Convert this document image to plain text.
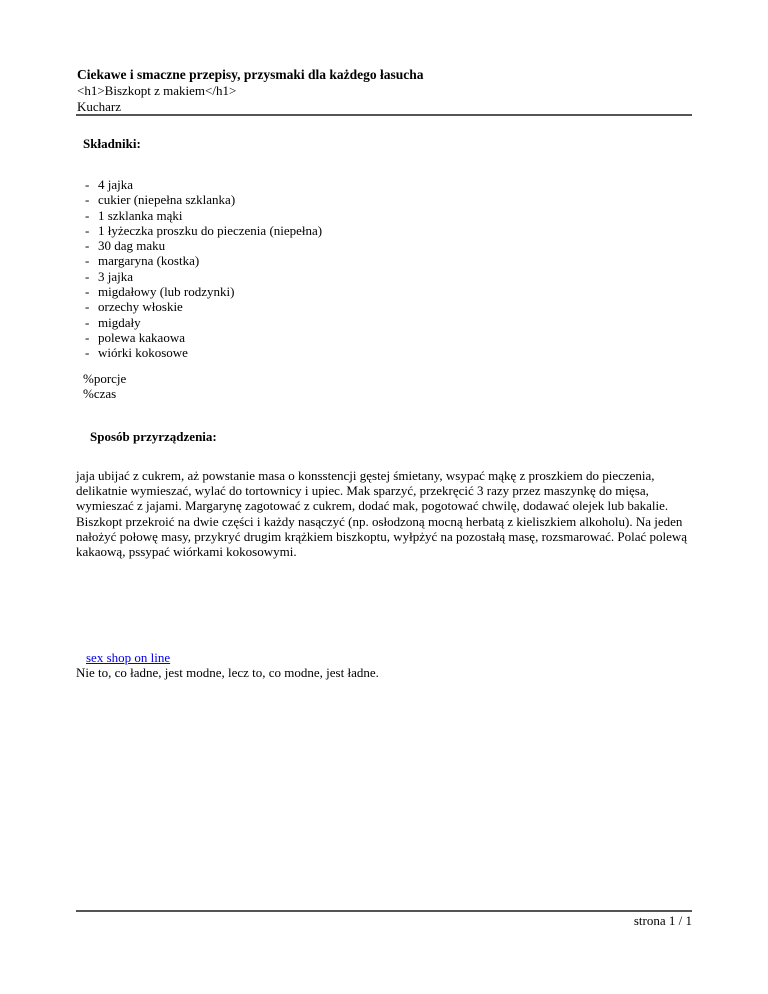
Ciekawe i smaczne przepisy, przysmaki dla każdego łasucha
<h1>Biszkopt z makiem</h1>
Kucharz
Składniki:
- 4 jajka
- cukier (niepełna szklanka)
- 1 szklanka mąki
- 1 łyżeczka proszku do pieczenia (niepełna)
- 30 dag maku
- margaryna (kostka)
- 3 jajka
- migdałowy (lub rodzynki)
- orzechy włoskie
- migdały
- polewa kakaowa
- wiórki kokosowe
%porcje
%czas
Sposób przyrządzenia:
jaja ubijać z cukrem, aż powstanie masa o konsstencji gęstej śmietany, wsypać mąkę z proszkiem do pieczenia, delikatnie wymieszać, wylać do tortownicy i upiec. Mak sparzyć, przekręcić 3 razy przez maszynkę do mięsa, wymieszać z jajami. Margarynę zagotować z cukrem, dodać mak, pogotować chwilę, dodawać olejek lub bakalie. Biszkopt przekroić na dwie części i każdy nasączyć (np. osłodzoną mocną herbatą z kieliszkiem alkoholu). Na jeden nałożyć połowę masy, przykryć drugim krążkiem biszkoptu, wyłpżyć na pozostałą masę, rozsmarować. Polać polewą kakaową, pssypać wiórkami kokosowymi.
sex shop on line
Nie to, co ładne, jest modne, lecz to, co modne, jest ładne.
strona 1 / 1
